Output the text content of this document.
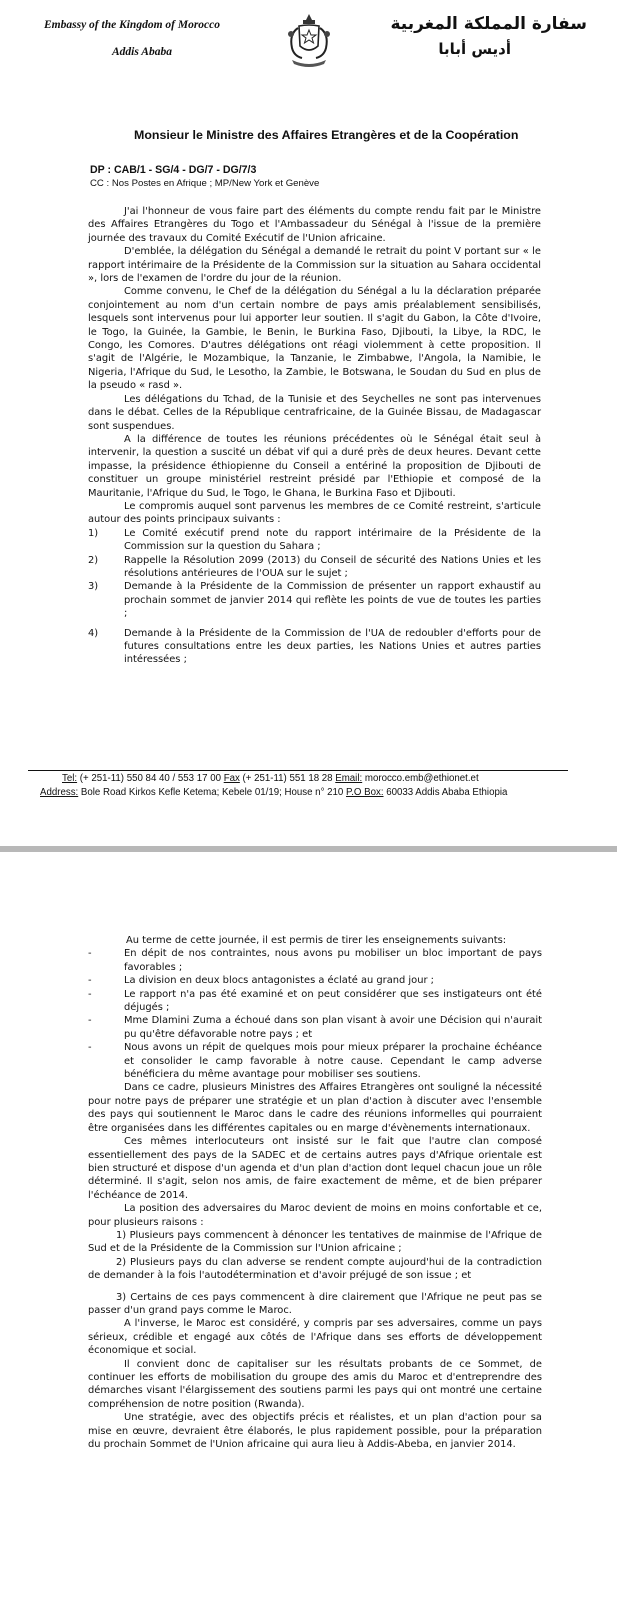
Embassy of the Kingdom of Morocco
Addis Ababa
سفارة المملكة المغربية
أديس أبابا
Monsieur le Ministre des Affaires Etrangères et de la Coopération
DP : CAB/1 - SG/4 - DG/7 - DG/7/3
CC : Nos Postes en Afrique ; MP/New York et Genève

J'ai l'honneur de vous faire part des éléments du compte rendu fait par le Ministre des Affaires Etrangères du Togo et l'Ambassadeur du Sénégal à l'issue de la première journée des travaux du Comité Exécutif de l'Union africaine.

D'emblée, la délégation du Sénégal a demandé le retrait du point V portant sur « le rapport intérimaire de la Présidente de la Commission sur la situation au Sahara occidental », lors de l'examen de l'ordre du jour de la réunion.

Comme convenu, le Chef de la délégation du Sénégal a lu la déclaration préparée conjointement au nom d'un certain nombre de pays amis préalablement sensibilisés, lesquels sont intervenus pour lui apporter leur soutien. Il s'agit du Gabon, la Côte d'Ivoire, le Togo, la Guinée, la Gambie, le Benin, le Burkina Faso, Djibouti, la Libye, la RDC, le Congo, les Comores. D'autres délégations ont réagi violemment à cette proposition. Il s'agit de l'Algérie, le Mozambique, la Tanzanie, le Zimbabwe, l'Angola, la Namibie, le Nigeria, l'Afrique du Sud, le Lesotho, la Zambie, le Botswana, le Soudan du Sud en plus de la pseudo « rasd ».

Les délégations du Tchad, de la Tunisie et des Seychelles ne sont pas intervenues dans le débat. Celles de la République centrafricaine, de la Guinée Bissau, de Madagascar sont suspendues.

A la différence de toutes les réunions précédentes où le Sénégal était seul à intervenir, la question a suscité un débat vif qui a duré près de deux heures. Devant cette impasse, la présidence éthiopienne du Conseil a entériné la proposition de Djibouti de constituer un groupe ministériel restreint présidé par l'Ethiopie et composé de la Mauritanie, l'Afrique du Sud, le Togo, le Ghana, le Burkina Faso et Djibouti.

Le compromis auquel sont parvenus les membres de ce Comité restreint, s'articule autour des points principaux suivants :

1)	Le Comité exécutif prend note du rapport intérimaire de la Présidente de la Commission sur la question du Sahara ;
2)	Rappelle la Résolution 2099 (2013) du Conseil de sécurité des Nations Unies et les résolutions antérieures de l'OUA sur le sujet ;
3)	Demande à la Présidente de la Commission de présenter un rapport exhaustif au prochain sommet de janvier 2014 qui reflète les points de vue de toutes les parties ;
4)	Demande à la Présidente de la Commission de l'UA de redoubler d'efforts pour de futures consultations entre les deux parties, les Nations Unies et autres parties intéressées ;
Tel: (+ 251-11) 550 84 40 / 553 17 00 Fax (+ 251-11) 551 18 28 Email: morocco.emb@ethionet.et
Address: Bole Road Kirkos Kefle Ketema; Kebele 01/19; House n° 210 P.O Box: 60033 Addis Ababa Ethiopia

Au terme de cette journée, il est permis de tirer les enseignements suivants:

-	En dépit de nos contraintes, nous avons pu mobiliser un bloc important de pays favorables ;
-	La division en deux blocs antagonistes a éclaté au grand jour ;
-	Le rapport n'a pas été examiné et on peut considérer que ses instigateurs ont été déjugés ;
-	Mme Dlamini Zuma a échoué dans son plan visant à avoir une Décision qui n'aurait pu qu'être défavorable notre pays ; et
-	Nous avons un répit de quelques mois pour mieux préparer la prochaine échéance et consolider le camp favorable à notre cause. Cependant le camp adverse bénéficiera du même avantage pour mobiliser ses soutiens.

Dans ce cadre, plusieurs Ministres des Affaires Etrangères ont souligné la nécessité pour notre pays de préparer une stratégie et un plan d'action à discuter avec l'ensemble des pays qui soutiennent le Maroc dans le cadre des réunions informelles qui pourraient être organisées dans les différentes capitales ou en marge d'évènements internationaux.

Ces mêmes interlocuteurs ont insisté sur le fait que l'autre clan composé essentiellement des pays de la SADEC et de certains autres pays d'Afrique orientale est bien structuré et dispose d'un agenda et d'un plan d'action dont lequel chacun joue un rôle déterminé. Il s'agit, selon nos amis, de faire exactement de même, et de bien préparer l'échéance de 2014.

La position des adversaires du Maroc devient de moins en moins confortable et ce, pour plusieurs raisons :

1) Plusieurs pays commencent à dénoncer les tentatives de mainmise de l'Afrique de Sud et de la Présidente de la Commission sur l'Union africaine ;

2) Plusieurs pays du clan adverse se rendent compte aujourd'hui de la contradiction de demander à la fois l'autodétermination et d'avoir préjugé de son issue ; et

3) Certains de ces pays commencent à dire clairement que l'Afrique ne peut pas se passer d'un grand pays comme le Maroc.

A l'inverse, le Maroc est considéré, y compris par ses adversaires, comme un pays sérieux, crédible et engagé aux côtés de l'Afrique dans ses efforts de développement économique et social.

Il convient donc de capitaliser sur les résultats probants de ce Sommet, de continuer les efforts de mobilisation du groupe des amis du Maroc et d'entreprendre des démarches visant l'élargissement des soutiens parmi les pays qui ont montré une certaine compréhension de notre position (Rwanda).

Une stratégie, avec des objectifs précis et réalistes, et un plan d'action pour sa mise en œuvre, devraient être élaborés, le plus rapidement possible, pour la préparation du prochain Sommet de l'Union africaine qui aura lieu à Addis-Abeba, en janvier 2014.
